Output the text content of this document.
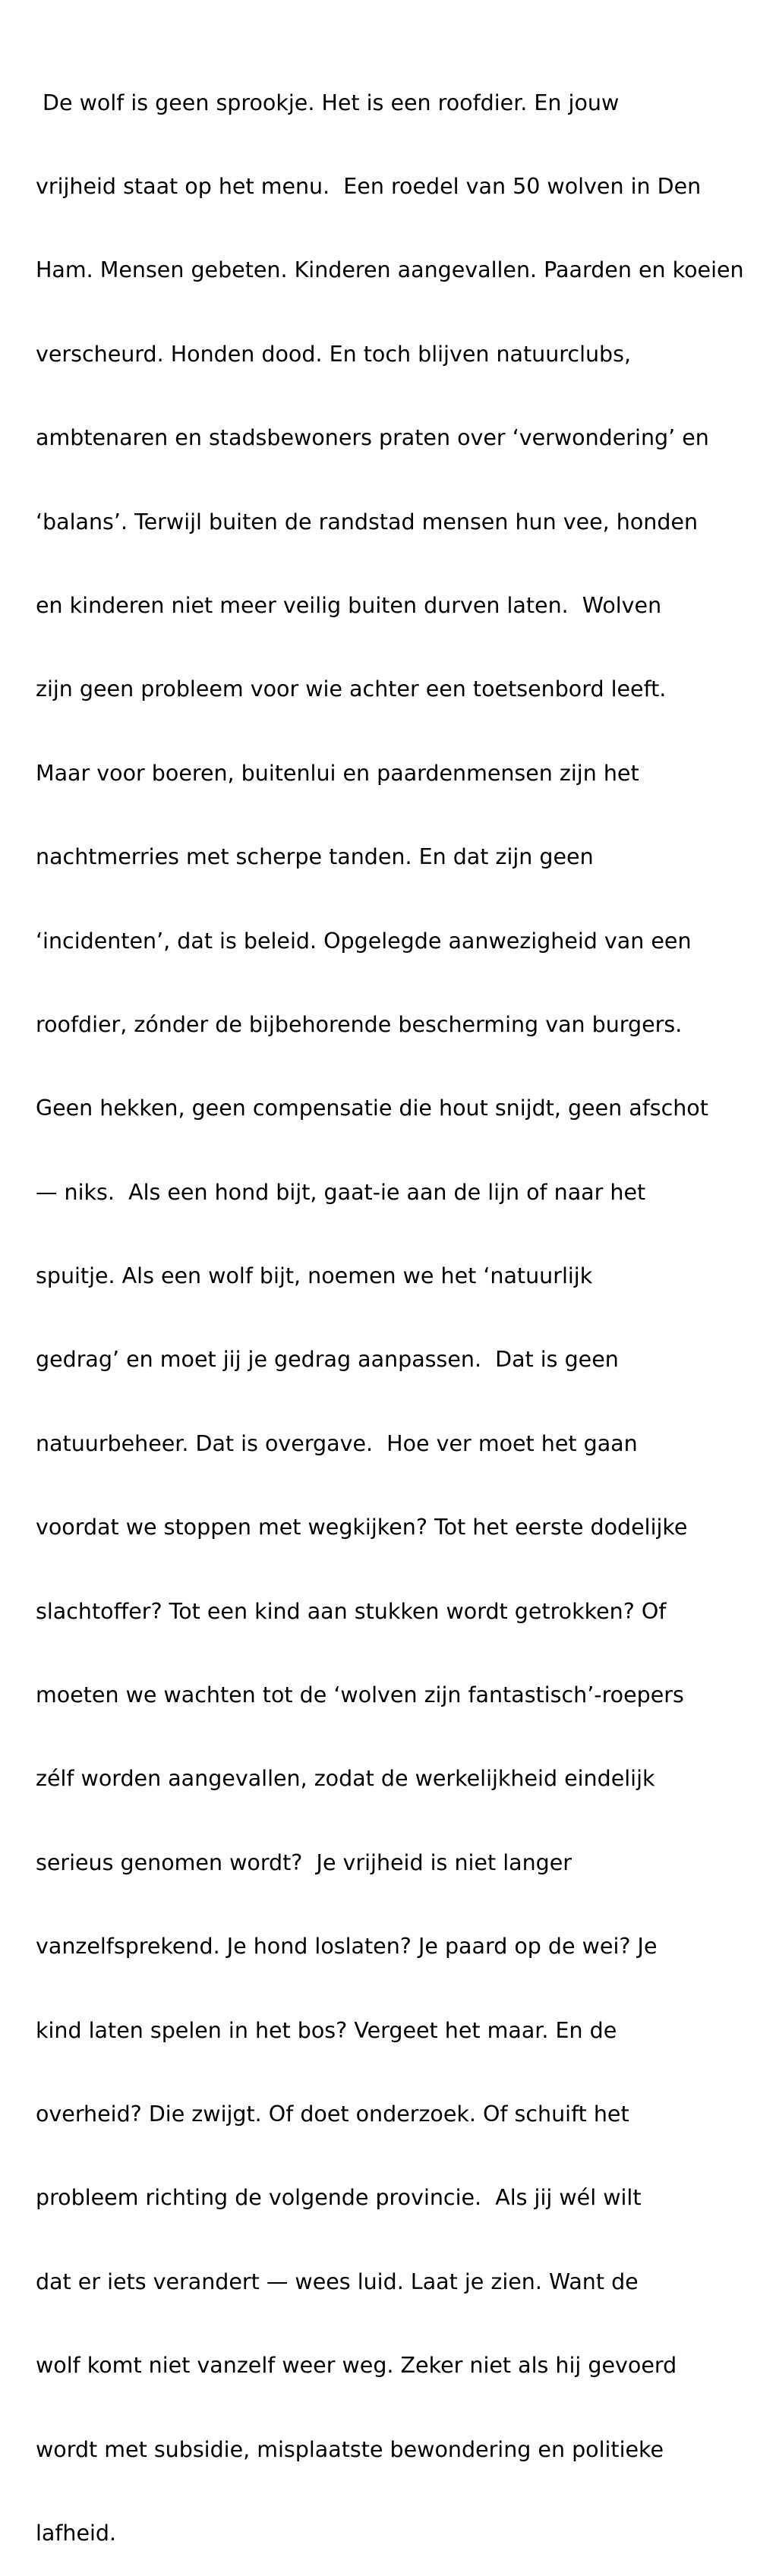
De wolf is geen sprookje. Het is een roofdier. En jouw

vrijheid staat op het menu.  Een roedel van 50 wolven in Den

Ham. Mensen gebeten. Kinderen aangevallen. Paarden en koeien

verscheurd. Honden dood. En toch blijven natuurclubs,

ambtenaren en stadsbewoners praten over ‘verwondering’ en

‘balans’. Terwijl buiten de randstad mensen hun vee, honden

en kinderen niet meer veilig buiten durven laten.  Wolven

zijn geen probleem voor wie achter een toetsenbord leeft.

Maar voor boeren, buitenlui en paardenmensen zijn het

nachtmerries met scherpe tanden. En dat zijn geen

‘incidenten’, dat is beleid. Opgelegde aanwezigheid van een

roofdier, zónder de bijbehorende bescherming van burgers.

Geen hekken, geen compensatie die hout snijdt, geen afschot

— niks.  Als een hond bijt, gaat-ie aan de lijn of naar het

spuitje. Als een wolf bijt, noemen we het ‘natuurlijk

gedrag’ en moet jij je gedrag aanpassen.  Dat is geen

natuurbeheer. Dat is overgave.  Hoe ver moet het gaan

voordat we stoppen met wegkijken? Tot het eerste dodelijke

slachtoffer? Tot een kind aan stukken wordt getrokken? Of

moeten we wachten tot de ‘wolven zijn fantastisch’-roepers

zélf worden aangevallen, zodat de werkelijkheid eindelijk

serieus genomen wordt?  Je vrijheid is niet langer

vanzelfsprekend. Je hond loslaten? Je paard op de wei? Je

kind laten spelen in het bos? Vergeet het maar. En de

overheid? Die zwijgt. Of doet onderzoek. Of schuift het

probleem richting de volgende provincie.  Als jij wél wilt

dat er iets verandert — wees luid. Laat je zien. Want de

wolf komt niet vanzelf weer weg. Zeker niet als hij gevoerd

wordt met subsidie, misplaatste bewondering en politieke

lafheid.
